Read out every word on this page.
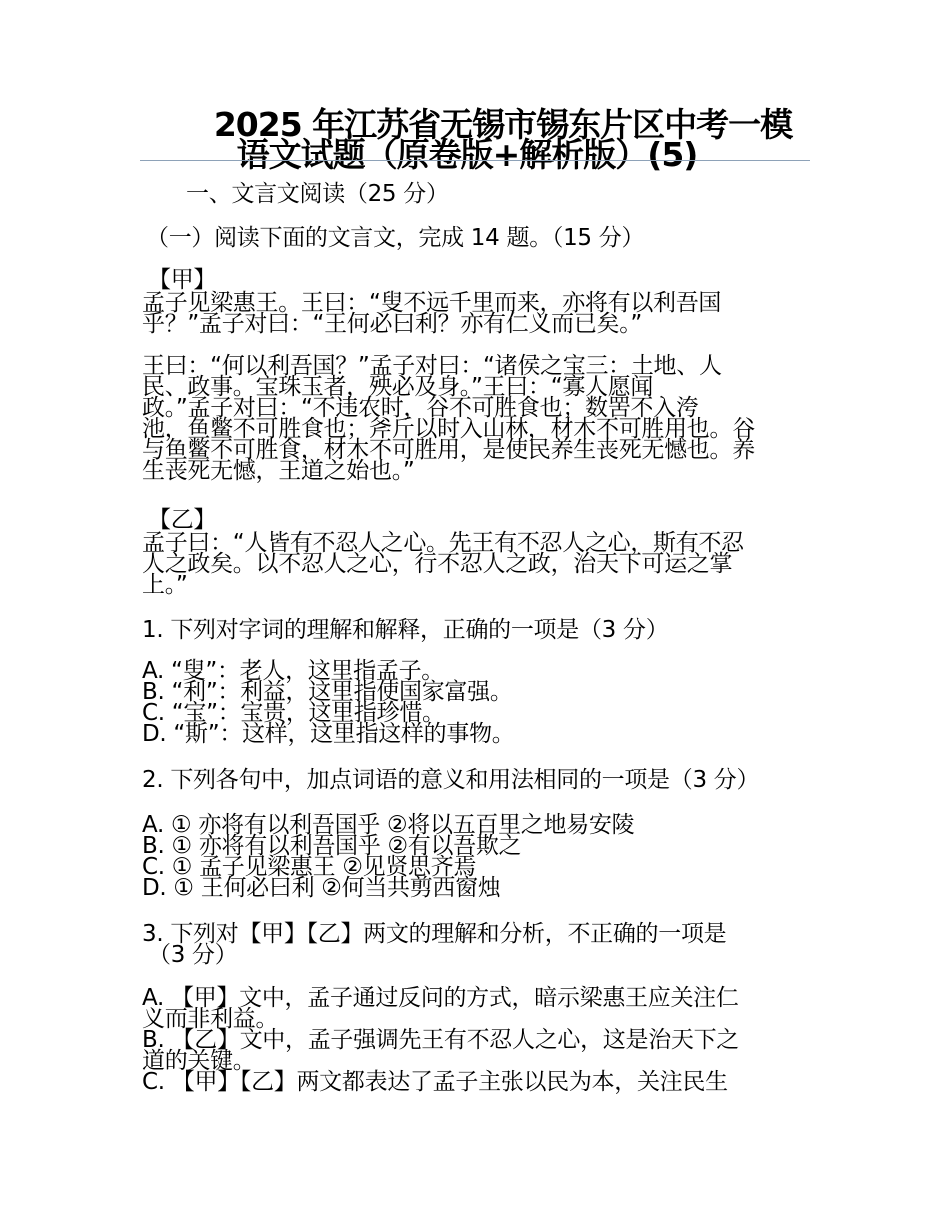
2025 年江苏省无锡市锡东片区中考一模
语文试题（原卷版+解析版）(5)
一、文言文阅读（25 分）
（一）阅读下面的文言文，完成 14 题。（15 分）
【甲】
孟子见梁惠王。王曰：“叟不远千里而来，亦将有以利吾国
乎？”孟子对曰：“王何必曰利？亦有仁义而已矣。”
王曰：“何以利吾国？”孟子对曰：“诸侯之宝三：土地、人
民、政事。宝珠玉者，殃必及身。”王曰：“寡人愿闻
政。”孟子对曰：“不违农时，谷不可胜食也；数罟不入洿
池，鱼鳖不可胜食也；斧斤以时入山林，材木不可胜用也。谷
与鱼鳖不可胜食，材木不可胜用，是使民养生丧死无憾也。养
生丧死无憾，王道之始也。”
【乙】
孟子曰：“人皆有不忍人之心。先王有不忍人之心，斯有不忍
人之政矣。以不忍人之心，行不忍人之政，治天下可运之掌
上。”
1. 下列对字词的理解和解释，正确的一项是（3 分）
A. “叟”：老人，这里指孟子。
B. “利”：利益，这里指使国家富强。
C. “宝”：宝贵，这里指珍惜。
D. “斯”：这样，这里指这样的事物。
2. 下列各句中，加点词语的意义和用法相同的一项是（3 分）
A. ① 亦将有以利吾国乎 ②将以五百里之地易安陵
B. ① 亦将有以利吾国乎 ②有以吾欺之
C. ① 孟子见梁惠王 ②见贤思齐焉
D. ① 王何必曰利 ②何当共剪西窗烛
3. 下列对【甲】【乙】两文的理解和分析，不正确的一项是
（3 分）
A. 【甲】文中，孟子通过反问的方式，暗示梁惠王应关注仁
义而非利益。
B. 【乙】文中，孟子强调先王有不忍人之心，这是治天下之
道的关键。
C. 【甲】【乙】两文都表达了孟子主张以民为本，关注民生
